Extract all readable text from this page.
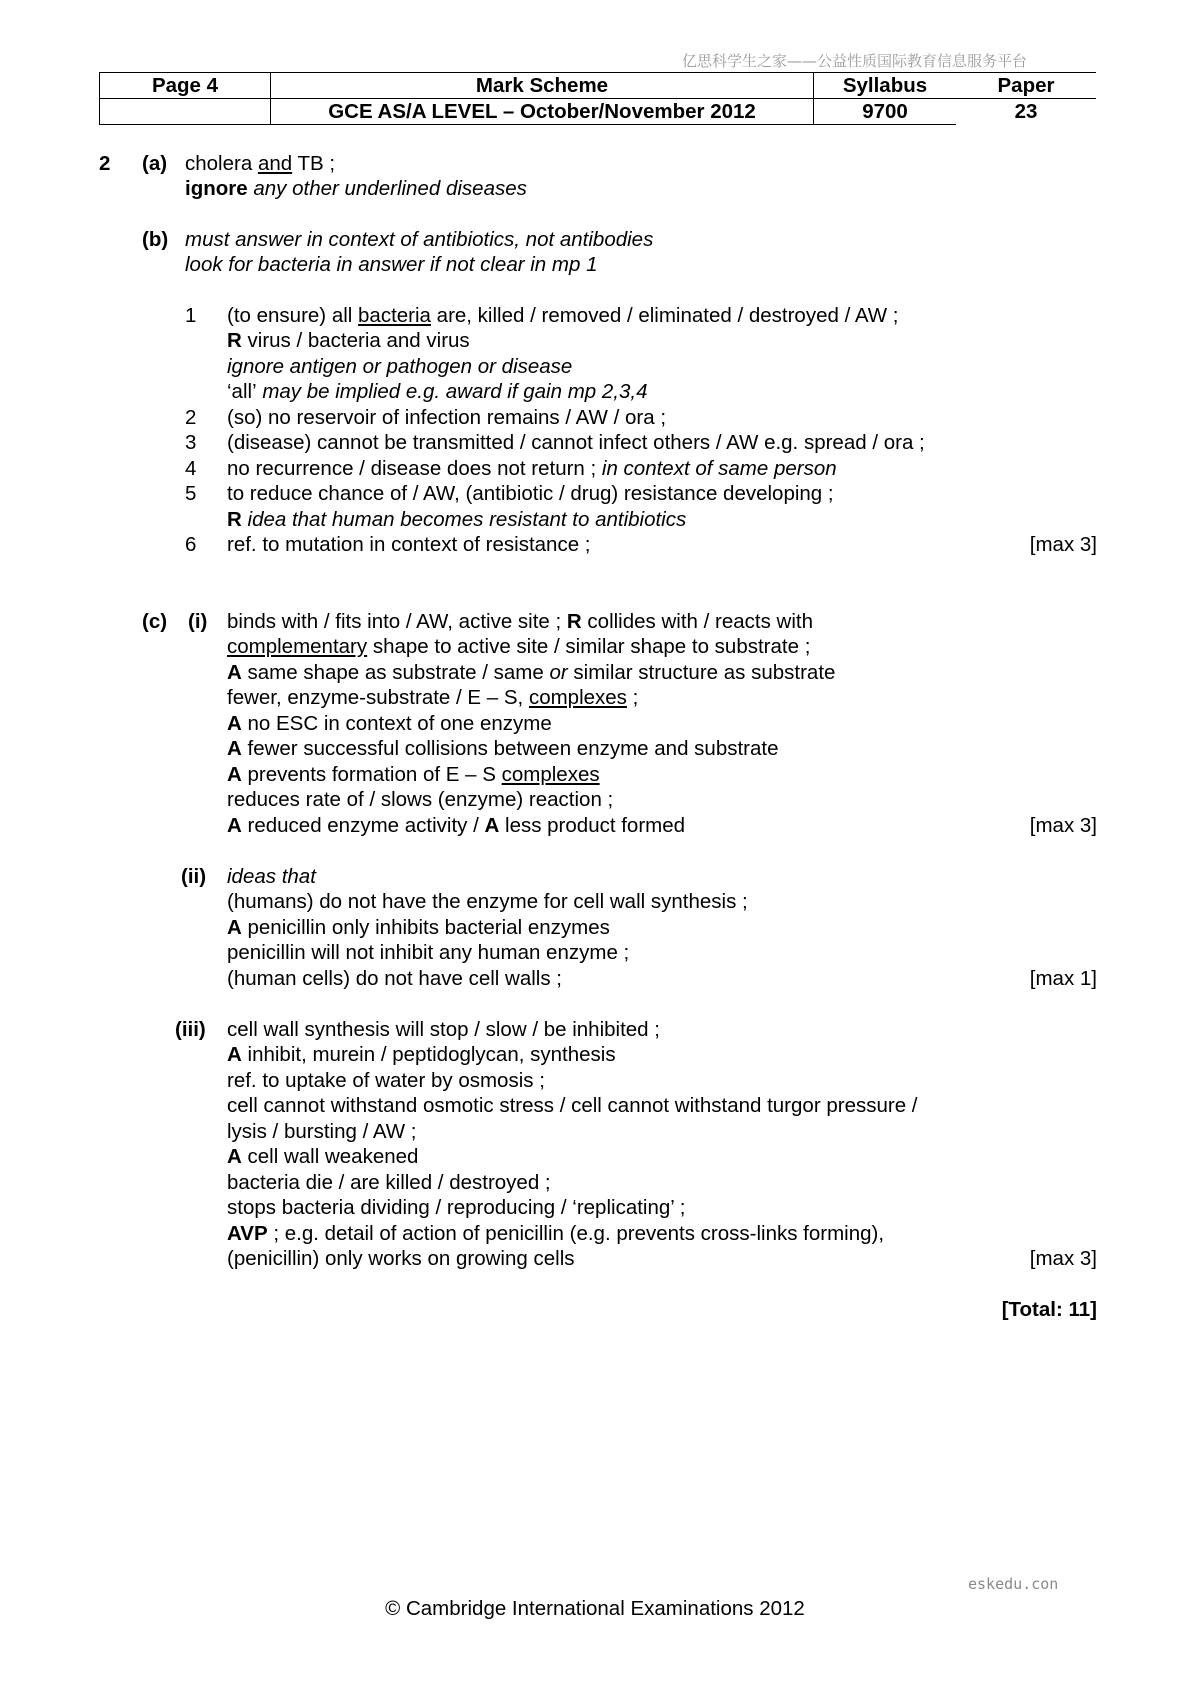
亿思科学生之家——公益性质国际教育信息服务平台
Page 4	Mark Scheme	Syllabus	Paper
	GCE AS/A LEVEL – October/November 2012	9700	23
2 (a) cholera and TB ;
ignore any other underlined diseases
(b) must answer in context of antibiotics, not antibodies
look for bacteria in answer if not clear in mp 1
1 (to ensure) all bacteria are, killed / removed / eliminated / destroyed / AW ;
R virus / bacteria and virus
ignore antigen or pathogen or disease
‘all’ may be implied e.g. award if gain mp 2,3,4
2 (so) no reservoir of infection remains / AW / ora ;
3 (disease) cannot be transmitted / cannot infect others / AW e.g. spread / ora ;
4 no recurrence / disease does not return ; in context of same person
5 to reduce chance of / AW, (antibiotic / drug) resistance developing ;
R idea that human becomes resistant to antibiotics
6 ref. to mutation in context of resistance ;	[max 3]
(c) (i) binds with / fits into / AW, active site ; R collides with / reacts with
complementary shape to active site / similar shape to substrate ;
A same shape as substrate / same or similar structure as substrate
fewer, enzyme-substrate / E – S, complexes ;
A no ESC in context of one enzyme
A fewer successful collisions between enzyme and substrate
A prevents formation of E – S complexes
reduces rate of / slows (enzyme) reaction ;
A reduced enzyme activity / A less product formed	[max 3]
(ii) ideas that
(humans) do not have the enzyme for cell wall synthesis ;
A penicillin only inhibits bacterial enzymes
penicillin will not inhibit any human enzyme ;
(human cells) do not have cell walls ;	[max 1]
(iii) cell wall synthesis will stop / slow / be inhibited ;
A inhibit, murein / peptidoglycan, synthesis
ref. to uptake of water by osmosis ;
cell cannot withstand osmotic stress / cell cannot withstand turgor pressure /
lysis / bursting / AW ;
A cell wall weakened
bacteria die / are killed / destroyed ;
stops bacteria dividing / reproducing / ‘replicating’ ;
AVP ; e.g. detail of action of penicillin (e.g. prevents cross-links forming),
(penicillin) only works on growing cells	[max 3]
[Total: 11]
eskedu.con
© Cambridge International Examinations 2012
